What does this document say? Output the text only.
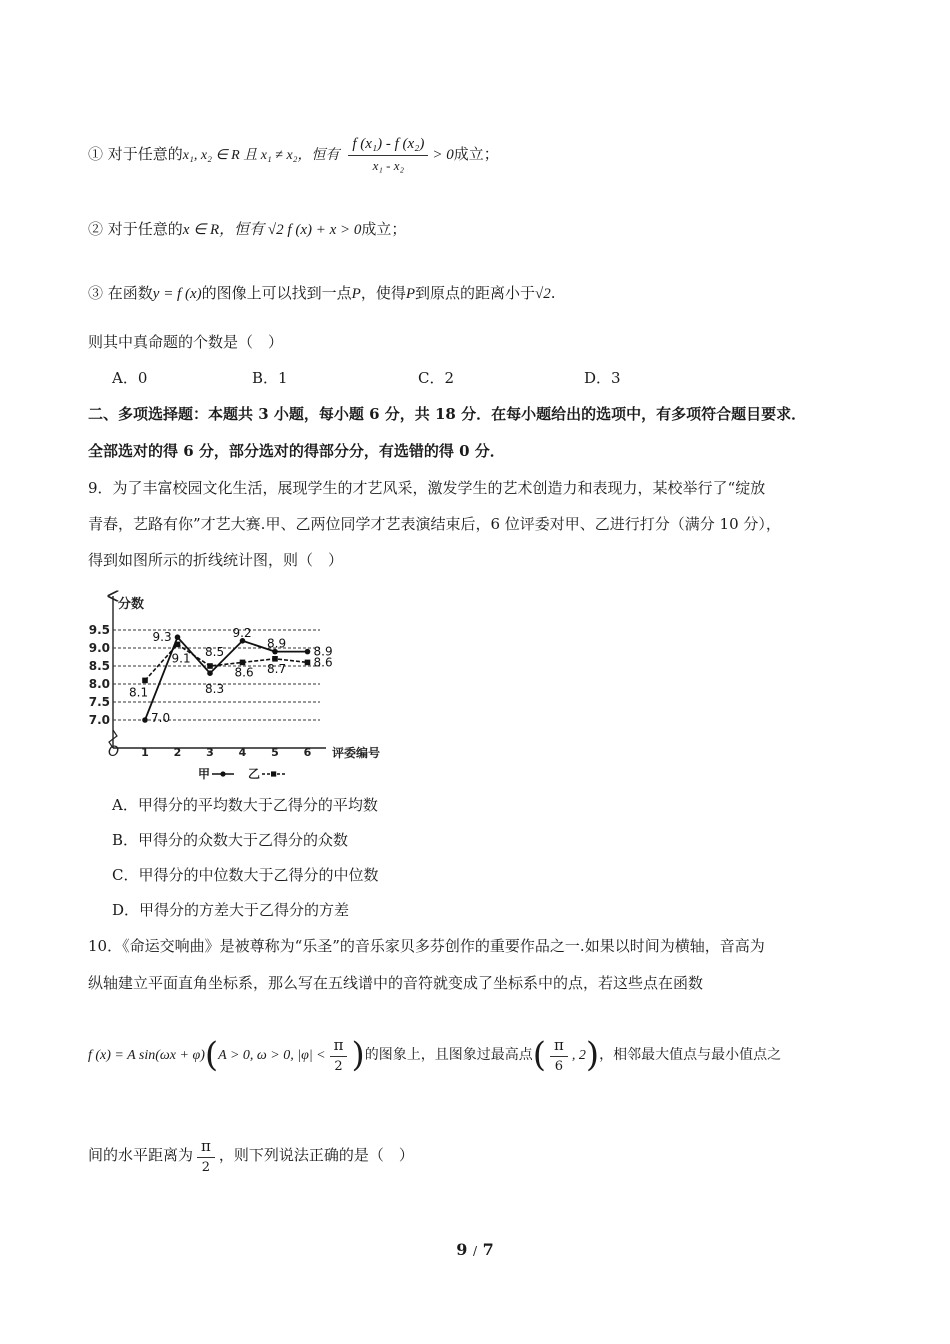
① 对于任意的x₁, x₂ ∈ R 且 x₁ ≠ x₂，恒有 $\frac{\text{f (x₁) - f (x₂)}}{\text{x₁ - x₂}} > 0$成立；
② 对于任意的x ∈ R，恒有 √2 f (x) + x > 0成立；
③ 在函数y = f (x)的图像上可以找到一点P，使得P到原点的距离小于√2.
则其中真命题的个数是（　）
A．0	B．1	C．2	D．3
二、多项选择题：本题共 3 小题，每小题 6 分，共 18 分．在每小题给出的选项中，有多项符合题目要求．
全部选对的得 6 分，部分选对的得部分分，有选错的得 0 分．
9．为了丰富校园文化生活，展现学生的才艺风采，激发学生的艺术创造力和表现力，某校举行了“绽放
青春，艺路有你”才艺大赛.甲、乙两位同学才艺表演结束后，6 位评委对甲、乙进行打分（满分 10 分），
得到如图所示的折线统计图，则（　）
9.5
9.0
8.5
8.0
7.5
7.0
1 2 3 4 5 6
分数
评委编号
O
7.0
9.3
8.3
9.2
8.9
8.9
8.1
9.1 8.5
8.6 8.7 8.6
甲	乙
A．甲得分的平均数大于乙得分的平均数
B．甲得分的众数大于乙得分的众数
C．甲得分的中位数大于乙得分的中位数
D．甲得分的方差大于乙得分的方差
10．《命运交响曲》是被尊称为“乐圣”的音乐家贝多芬创作的重要作品之一.如果以时间为横轴，音高为
纵轴建立平面直角坐标系，那么写在五线谱中的音符就变成了坐标系中的点，若这些点在函数
f (x) = A sin(ωx + φ)(A > 0, ω > 0, $|\varphi| < \frac{\pi}{2}$ )的图象上，且图象过最高点( $\frac{\pi}{6}$ , 2)，相邻最大值点与最小值点之
间的水平距离为 $\frac{\pi}{2}$ ，则下列说法正确的是（　）
9 / 7
